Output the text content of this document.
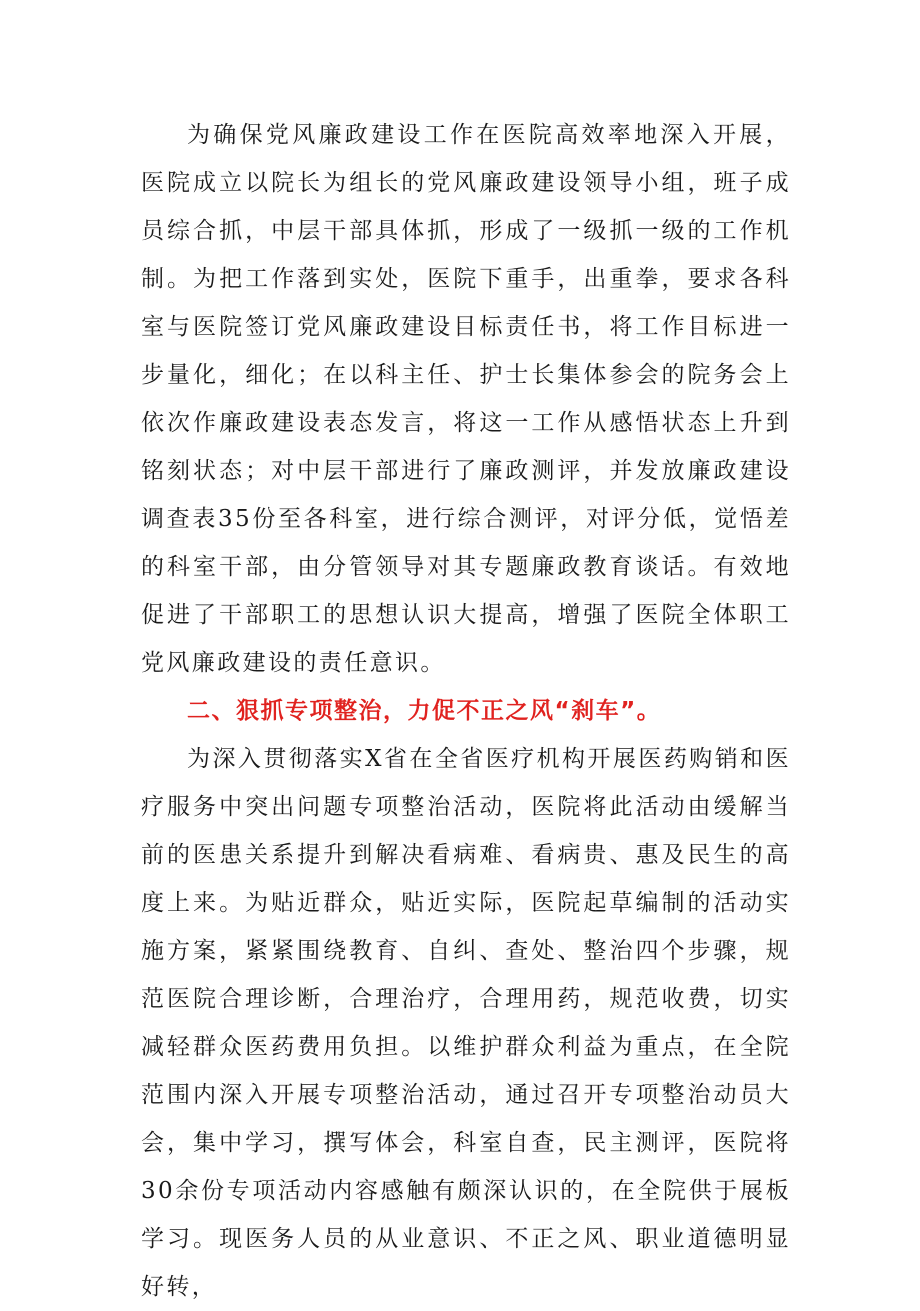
为确保党风廉政建设工作在医院高效率地深入开展，医院成立以院长为组长的党风廉政建设领导小组，班子成员综合抓，中层干部具体抓，形成了一级抓一级的工作机制。为把工作落到实处，医院下重手，出重拳，要求各科室与医院签订党风廉政建设目标责任书，将工作目标进一步量化，细化；在以科主任、护士长集体参会的院务会上依次作廉政建设表态发言，将这一工作从感悟状态上升到铭刻状态；对中层干部进行了廉政测评，并发放廉政建设调查表35份至各科室，进行综合测评，对评分低，觉悟差的科室干部，由分管领导对其专题廉政教育谈话。有效地促进了干部职工的思想认识大提高，增强了医院全体职工党风廉政建设的责任意识。

二、狠抓专项整治，力促不正之风“刹车”。

为深入贯彻落实X省在全省医疗机构开展医药购销和医疗服务中突出问题专项整治活动，医院将此活动由缓解当前的医患关系提升到解决看病难、看病贵、惠及民生的高度上来。为贴近群众，贴近实际，医院起草编制的活动实施方案，紧紧围绕教育、自纠、查处、整治四个步骤，规范医院合理诊断，合理治疗，合理用药，规范收费，切实减轻群众医药费用负担。以维护群众利益为重点，在全院范围内深入开展专项整治活动，通过召开专项整治动员大会，集中学习，撰写体会，科室自查，民主测评，医院将30余份专项活动内容感触有颇深认识的，在全院供于展板学习。现医务人员的从业意识、不正之风、职业道德明显好转，
